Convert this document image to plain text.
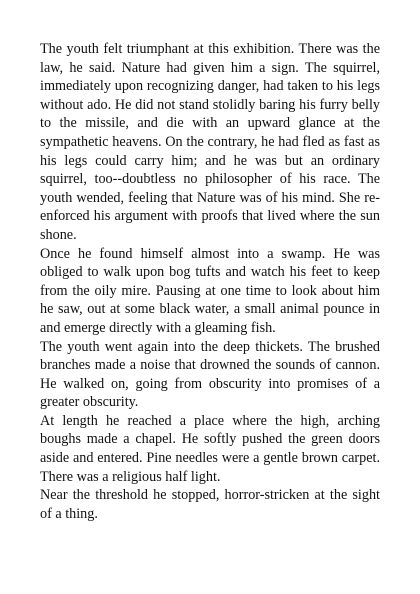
The youth felt triumphant at this exhibition. There was the law, he said. Nature had given him a sign. The squirrel, immediately upon recognizing danger, had taken to his legs without ado. He did not stand stolidly baring his furry belly to the missile, and die with an upward glance at the sympathetic heavens. On the contrary, he had fled as fast as his legs could carry him; and he was but an ordinary squirrel, too--doubtless no philosopher of his race. The youth wended, feeling that Nature was of his mind. She re-enforced his argument with proofs that lived where the sun shone.

Once he found himself almost into a swamp. He was obliged to walk upon bog tufts and watch his feet to keep from the oily mire. Pausing at one time to look about him he saw, out at some black water, a small animal pounce in and emerge directly with a gleaming fish.

The youth went again into the deep thickets. The brushed branches made a noise that drowned the sounds of cannon. He walked on, going from obscurity into promises of a greater obscurity.

At length he reached a place where the high, arching boughs made a chapel. He softly pushed the green doors aside and entered. Pine needles were a gentle brown carpet. There was a religious half light.

Near the threshold he stopped, horror-stricken at the sight of a thing.
